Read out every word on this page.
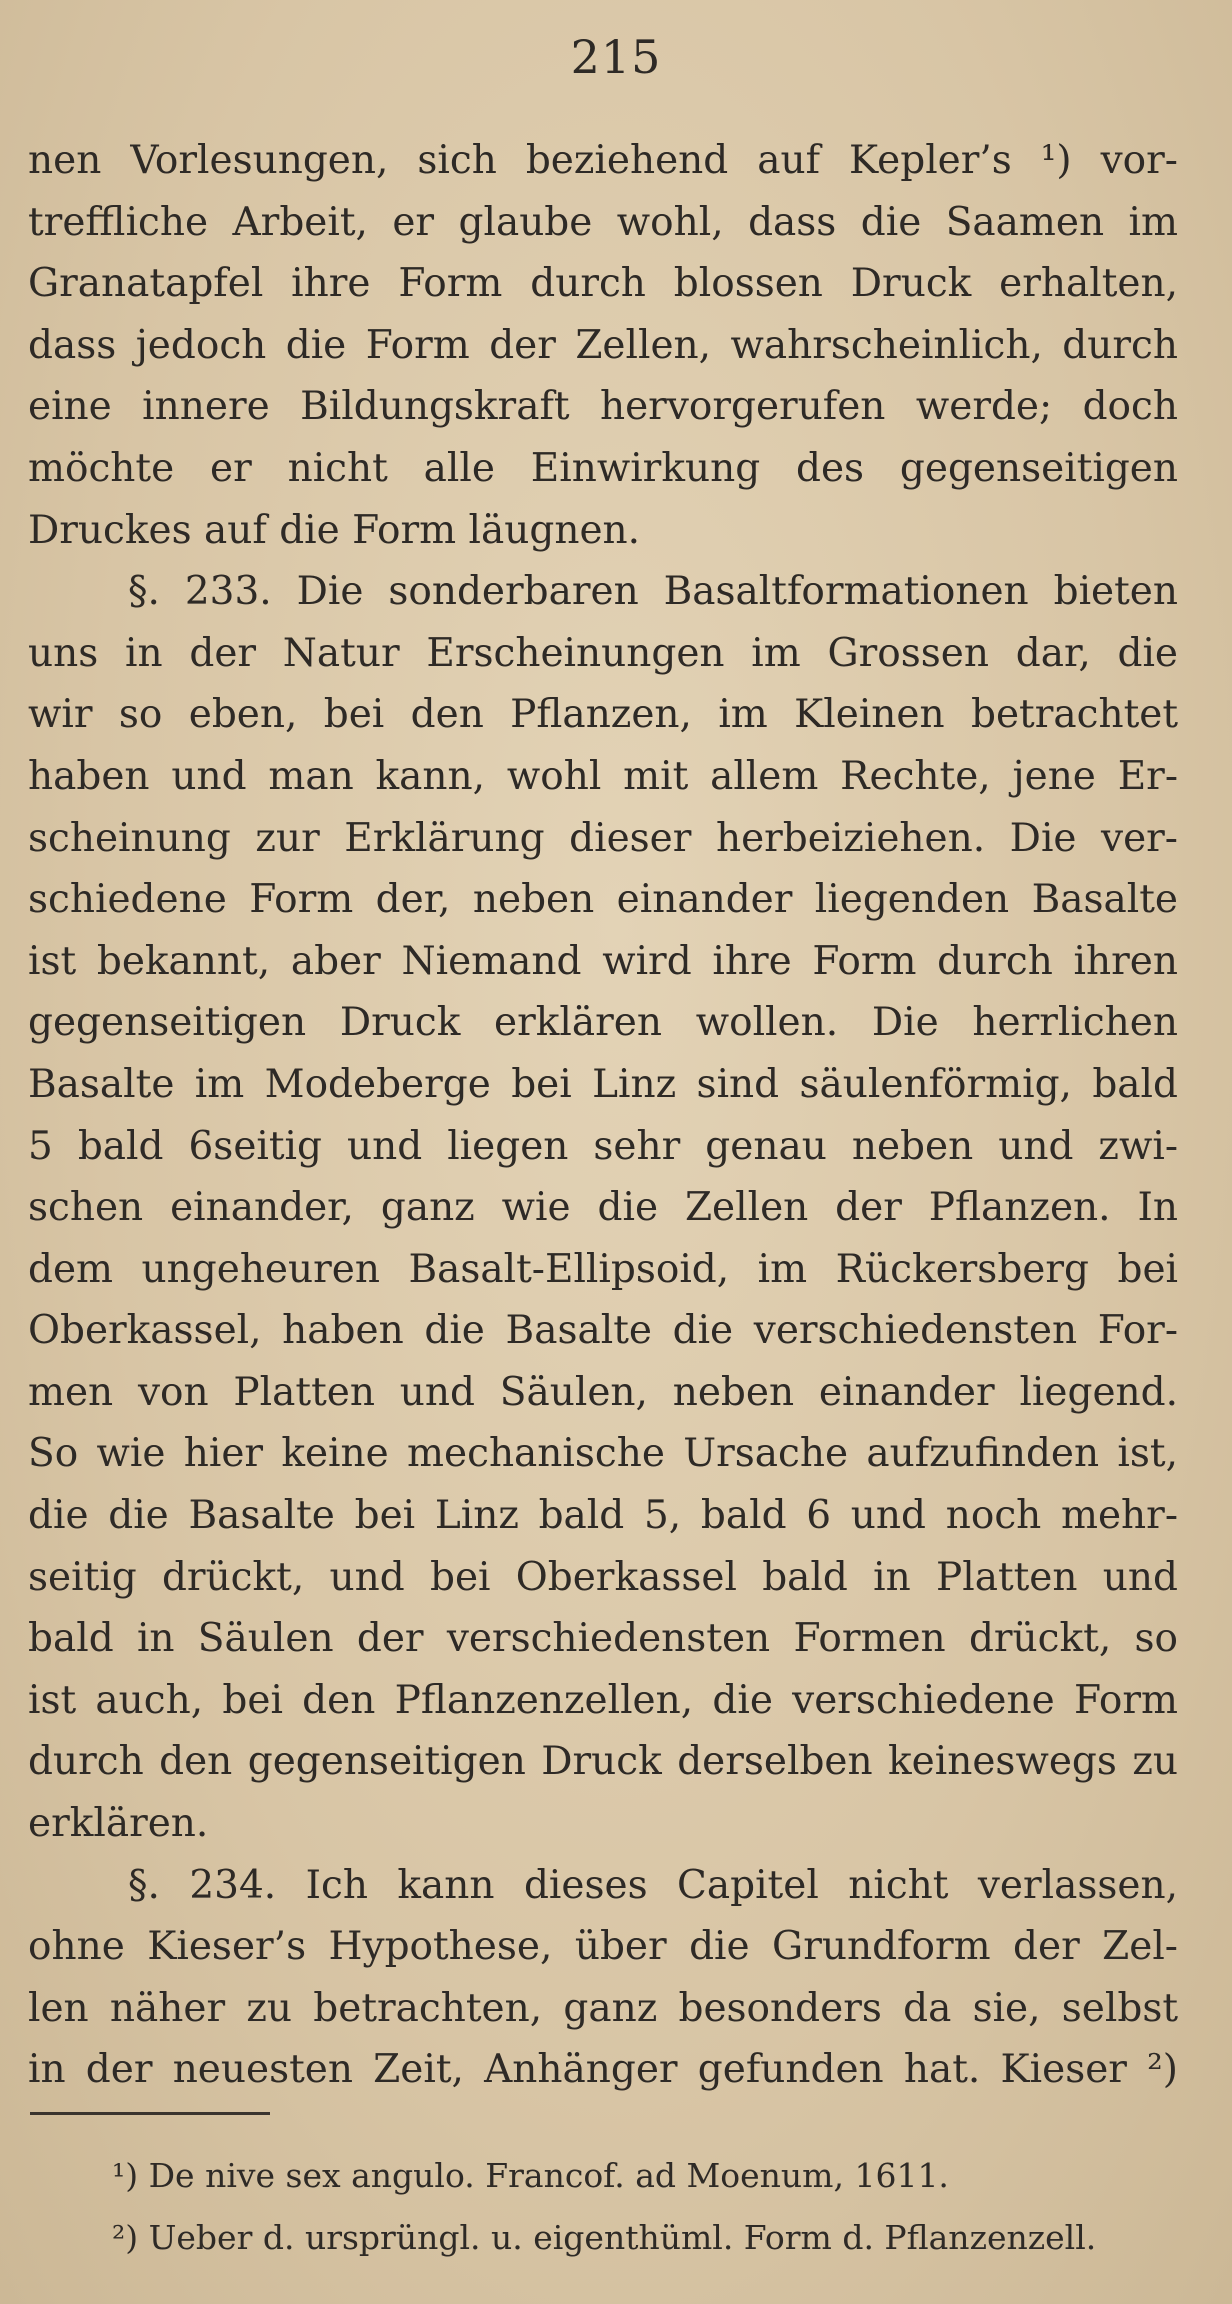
215
nen Vorlesungen, sich beziehend auf Kepler’s ¹) vor-
treffliche Arbeit, er glaube wohl, dass die Saamen im
Granatapfel ihre Form durch blossen Druck erhalten,
dass jedoch die Form der Zellen, wahrscheinlich, durch
eine innere Bildungskraft hervorgerufen werde; doch
möchte er nicht alle Einwirkung des gegenseitigen
Druckes auf die Form läugnen.
§. 233. Die sonderbaren Basaltformationen bieten
uns in der Natur Erscheinungen im Grossen dar, die
wir so eben, bei den Pflanzen, im Kleinen betrachtet
haben und man kann, wohl mit allem Rechte, jene Er-
scheinung zur Erklärung dieser herbeiziehen. Die ver-
schiedene Form der, neben einander liegenden Basalte
ist bekannt, aber Niemand wird ihre Form durch ihren
gegenseitigen Druck erklären wollen. Die herrlichen
Basalte im Modeberge bei Linz sind säulenförmig, bald
5 bald 6seitig und liegen sehr genau neben und zwi-
schen einander, ganz wie die Zellen der Pflanzen. In
dem ungeheuren Basalt-Ellipsoid, im Rückersberg bei
Oberkassel, haben die Basalte die verschiedensten For-
men von Platten und Säulen, neben einander liegend.
So wie hier keine mechanische Ursache aufzufinden ist,
die die Basalte bei Linz bald 5, bald 6 und noch mehr-
seitig drückt, und bei Oberkassel bald in Platten und
bald in Säulen der verschiedensten Formen drückt, so
ist auch, bei den Pflanzenzellen, die verschiedene Form
durch den gegenseitigen Druck derselben keineswegs zu
erklären.
§. 234. Ich kann dieses Capitel nicht verlassen,
ohne Kieser’s Hypothese, über die Grundform der Zel-
len näher zu betrachten, ganz besonders da sie, selbst
in der neuesten Zeit, Anhänger gefunden hat. Kieser ²)
¹) De nive sex angulo. Francof. ad Moenum, 1611.
²) Ueber d. ursprüngl. u. eigenthüml. Form d. Pflanzenzell.
